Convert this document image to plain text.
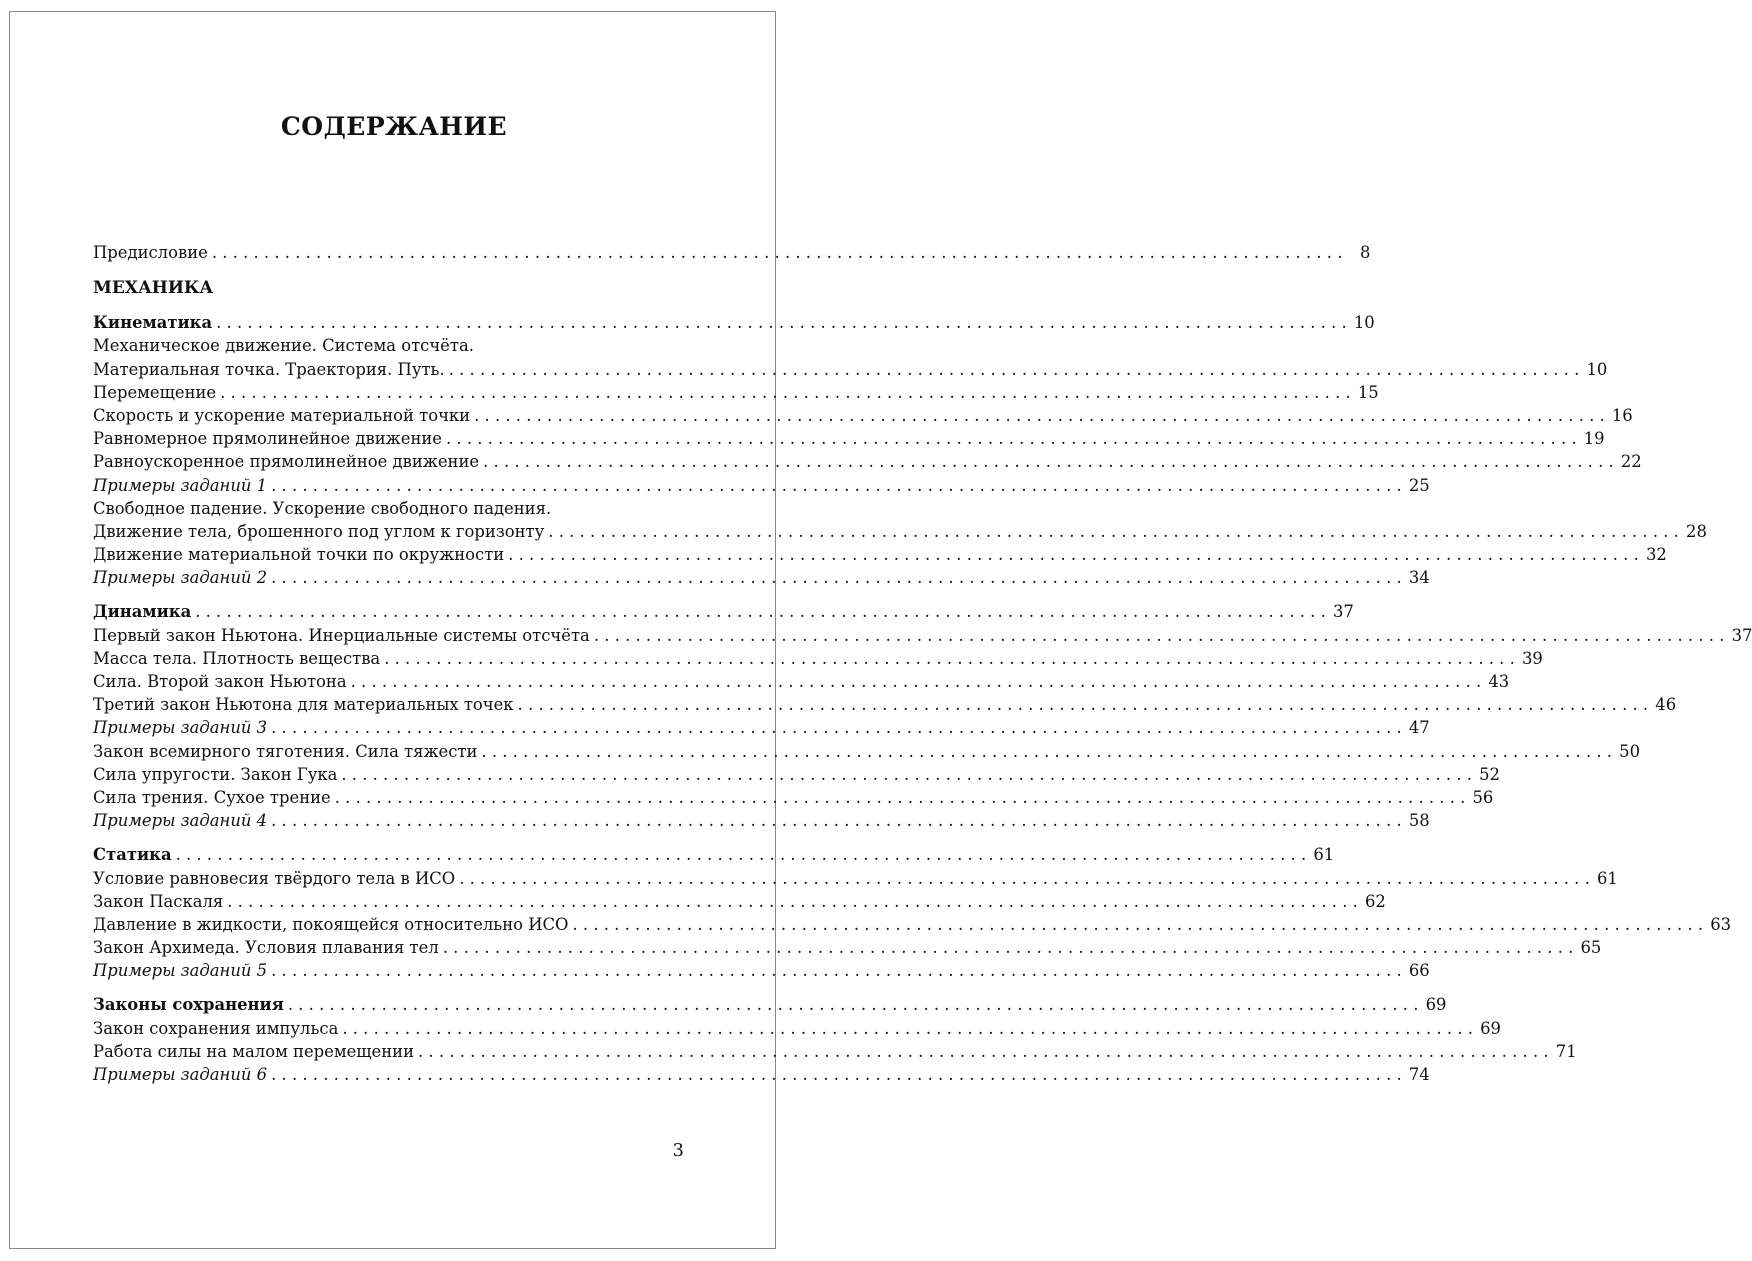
СОДЕРЖАНИЕ
Предисловие . . .	8
МЕХАНИКА
Кинематика . . .	10
Механическое движение. Система отсчёта.
Материальная точка. Траектория. Путь. . . .	10
Перемещение . . .	15
Скорость и ускорение материальной точки . . .	16
Равномерное прямолинейное движение . . .	19
Равноускоренное прямолинейное движение . . .	22
Примеры заданий 1 . . .	25
Свободное падение. Ускорение свободного падения.
Движение тела, брошенного под углом к горизонту . . .	28
Движение материальной точки по окружности . . .	32
Примеры заданий 2 . . .	34
Динамика . . .	37
Первый закон Ньютона. Инерциальные системы отсчёта . . .	37
Масса тела. Плотность вещества . . .	39
Сила. Второй закон Ньютона . . .	43
Третий закон Ньютона для материальных точек . . .	46
Примеры заданий 3 . . .	47
Закон всемирного тяготения. Сила тяжести . . .	50
Сила упругости. Закон Гука . . .	52
Сила трения. Сухое трение . . .	56
Примеры заданий 4 . . .	58
Статика . . .	61
Условие равновесия твёрдого тела в ИСО . . .	61
Закон Паскаля . . .	62
Давление в жидкости, покоящейся относительно ИСО . . .	63
Закон Архимеда. Условия плавания тел . . .	65
Примеры заданий 5 . . .	66
Законы сохранения . . .	69
Закон сохранения импульса . . .	69
Работа силы на малом перемещении . . .	71
Примеры заданий 6 . . .	74
3
